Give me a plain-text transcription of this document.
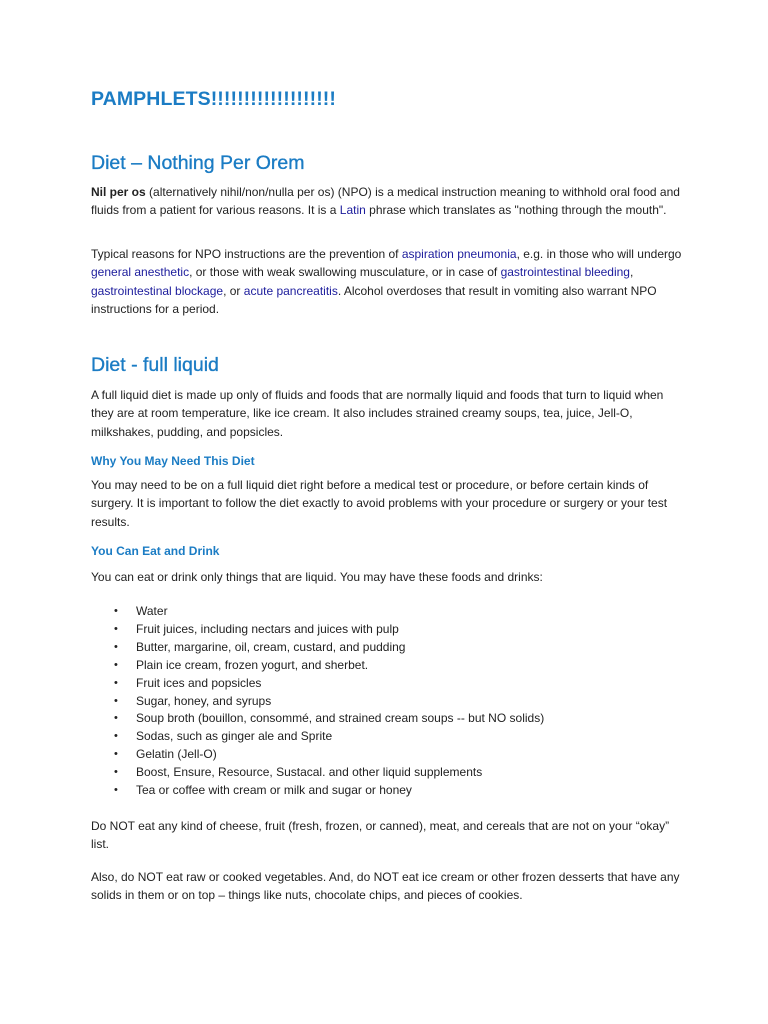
PAMPHLETS!!!!!!!!!!!!!!!!!!!
Diet – Nothing Per Orem

Nil per os (alternatively nihil/non/nulla per os) (NPO) is a medical instruction meaning to withhold oral food and fluids from a patient for various reasons. It is a Latin phrase which translates as "nothing through the mouth".

Typical reasons for NPO instructions are the prevention of aspiration pneumonia, e.g. in those who will undergo general anesthetic, or those with weak swallowing musculature, or in case of gastrointestinal bleeding, gastrointestinal blockage, or acute pancreatitis. Alcohol overdoses that result in vomiting also warrant NPO instructions for a period.

Diet - full liquid

A full liquid diet is made up only of fluids and foods that are normally liquid and foods that turn to liquid when they are at room temperature, like ice cream. It also includes strained creamy soups, tea, juice, Jell-O, milkshakes, pudding, and popsicles.

Why You May Need This Diet

You may need to be on a full liquid diet right before a medical test or procedure, or before certain kinds of surgery. It is important to follow the diet exactly to avoid problems with your procedure or surgery or your test results.

You Can Eat and Drink

You can eat or drink only things that are liquid. You may have these foods and drinks:

• Water
• Fruit juices, including nectars and juices with pulp
• Butter, margarine, oil, cream, custard, and pudding
• Plain ice cream, frozen yogurt, and sherbet.
• Fruit ices and popsicles
• Sugar, honey, and syrups
• Soup broth (bouillon, consommé, and strained cream soups -- but NO solids)
• Sodas, such as ginger ale and Sprite
• Gelatin (Jell-O)
• Boost, Ensure, Resource, Sustacal. and other liquid supplements
• Tea or coffee with cream or milk and sugar or honey

Do NOT eat any kind of cheese, fruit (fresh, frozen, or canned), meat, and cereals that are not on your “okay” list.

Also, do NOT eat raw or cooked vegetables. And, do NOT eat ice cream or other frozen desserts that have any solids in them or on top – things like nuts, chocolate chips, and pieces of cookies.
